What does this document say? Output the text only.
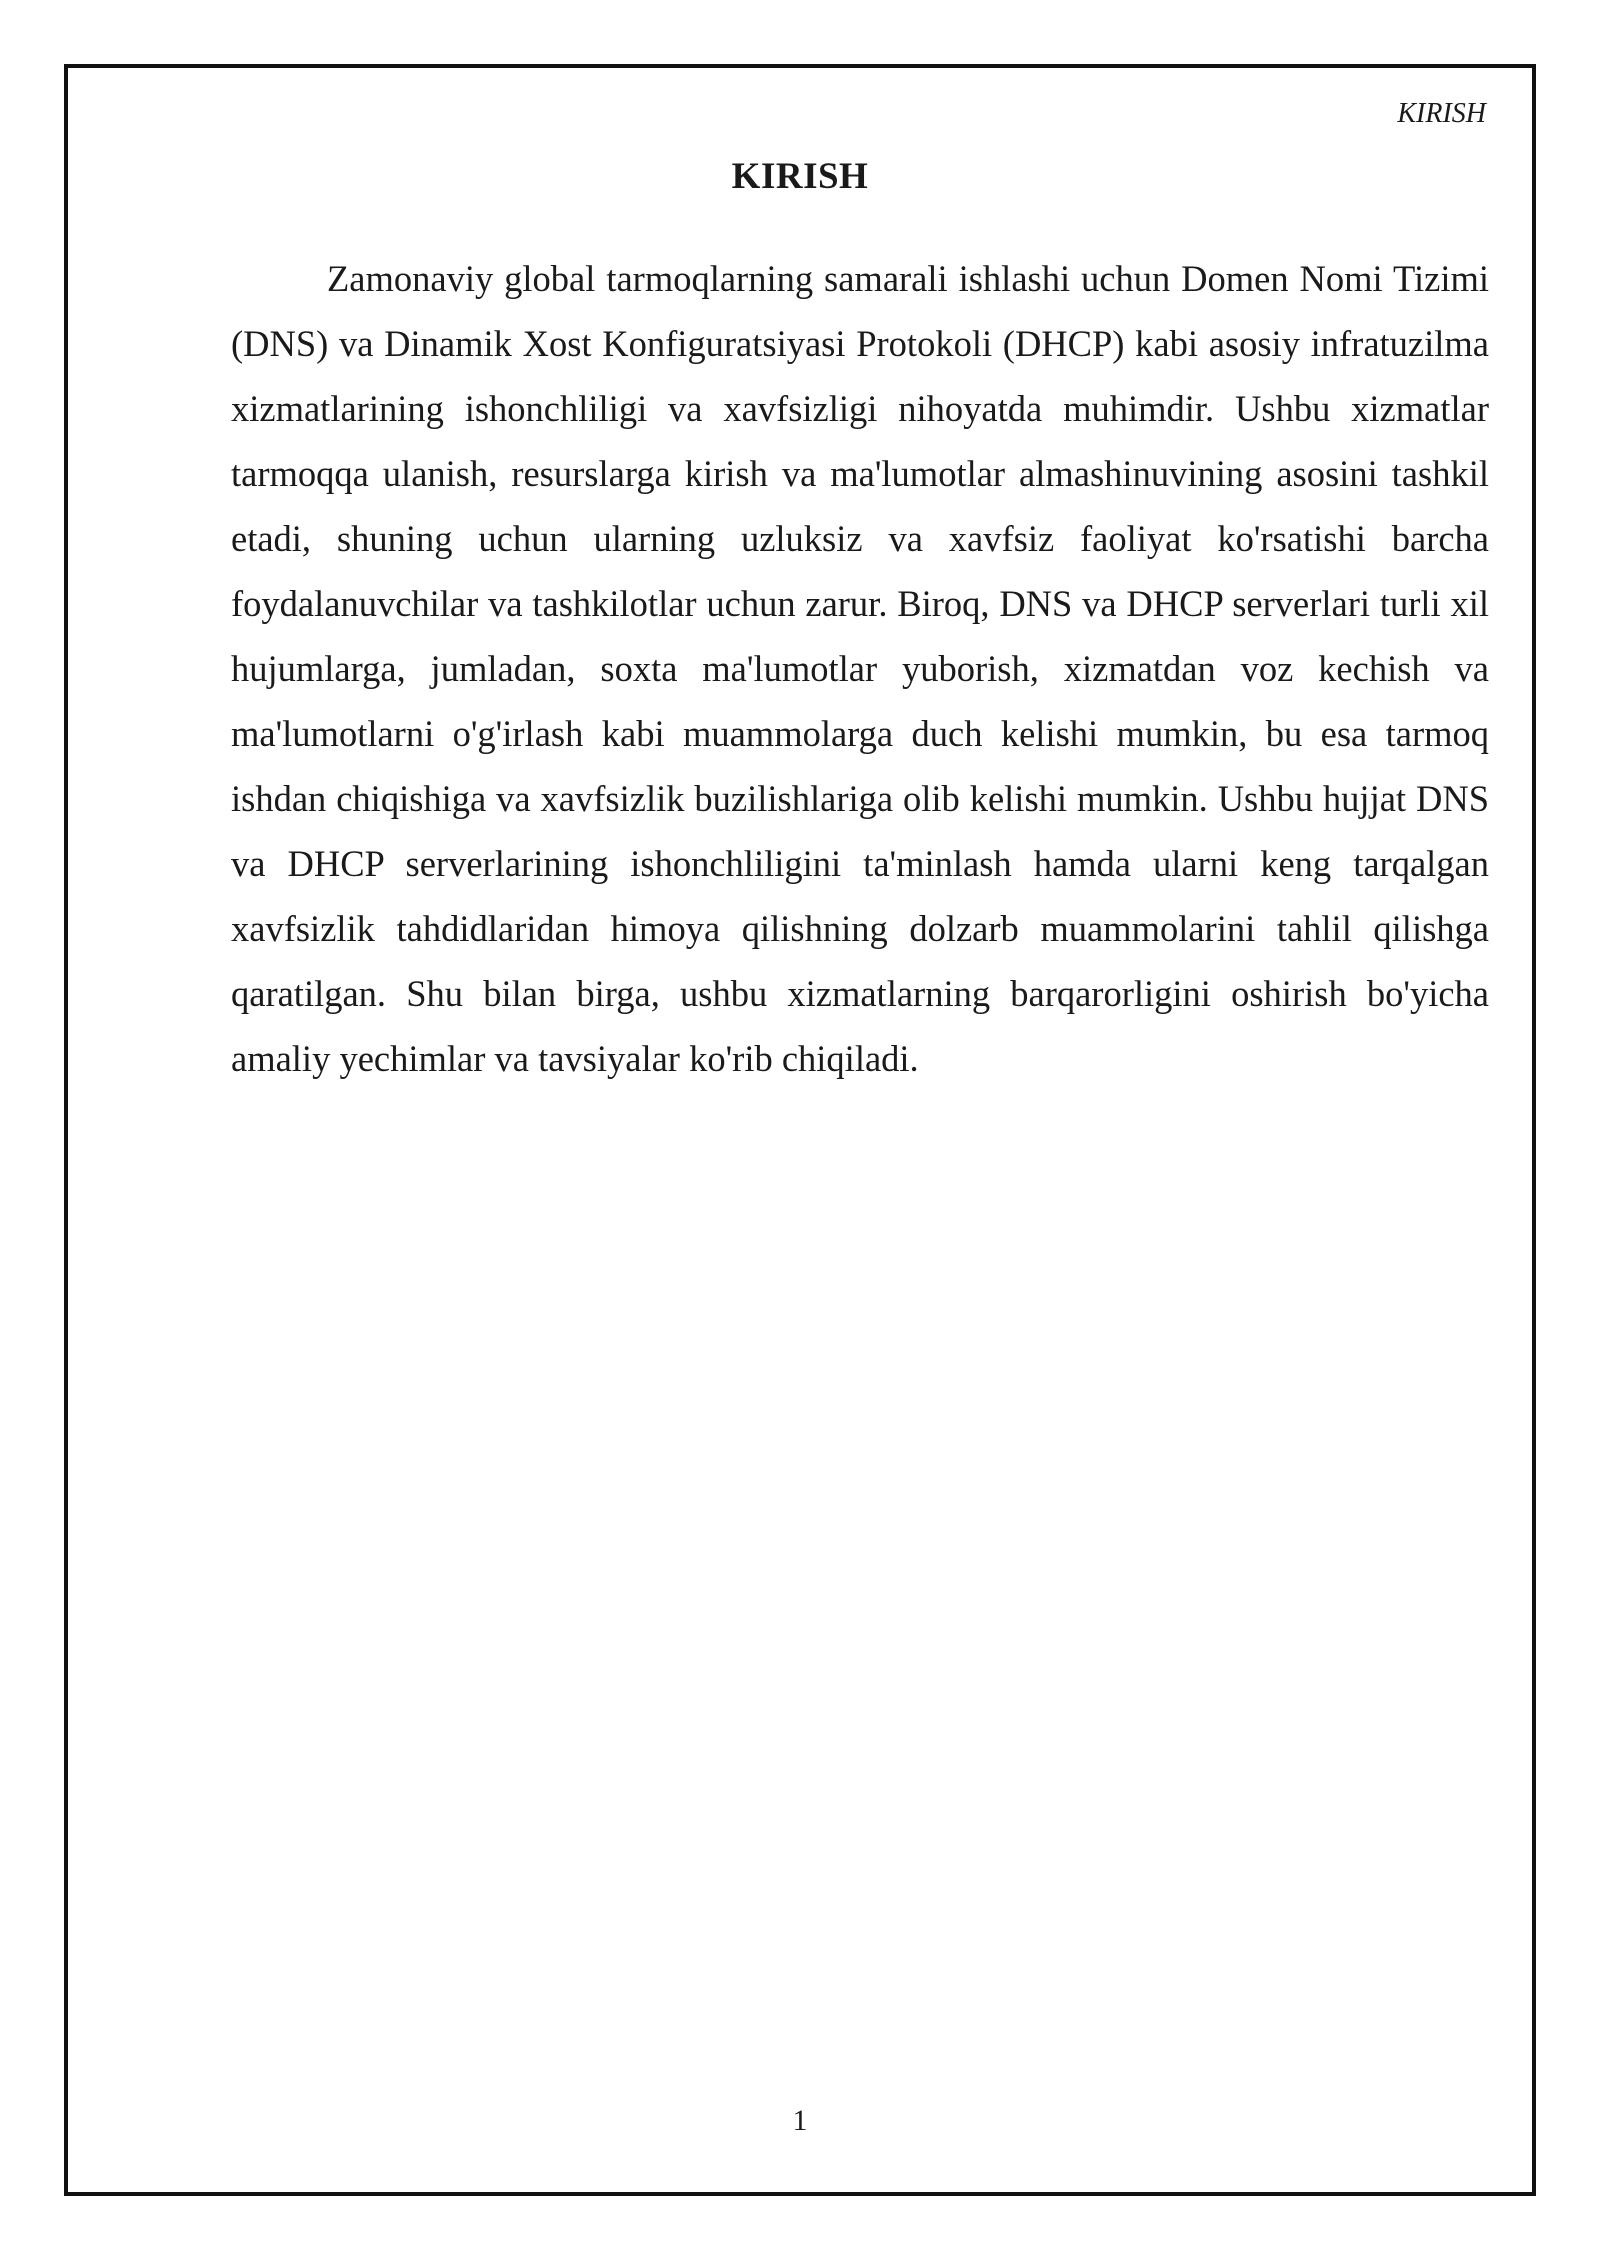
KIRISH
KIRISH

Zamonaviy global tarmoqlarning samarali ishlashi uchun Domen Nomi Tizimi (DNS) va Dinamik Xost Konfiguratsiyasi Protokoli (DHCP) kabi asosiy infratuzilma xizmatlarining ishonchliligi va xavfsizligi nihoyatda muhimdir. Ushbu xizmatlar tarmoqqa ulanish, resurslarga kirish va ma'lumotlar almashinuvining asosini tashkil etadi, shuning uchun ularning uzluksiz va xavfsiz faoliyat ko'rsatishi barcha foydalanuvchilar va tashkilotlar uchun zarur. Biroq, DNS va DHCP serverlari turli xil hujumlarga, jumladan, soxta ma'lumotlar yuborish, xizmatdan voz kechish va ma'lumotlarni o'g'irlash kabi muammolarga duch kelishi mumkin, bu esa tarmoq ishdan chiqishiga va xavfsizlik buzilishlariga olib kelishi mumkin. Ushbu hujjat DNS va DHCP serverlarining ishonchliligini ta'minlash hamda ularni keng tarqalgan xavfsizlik tahdidlaridan himoya qilishning dolzarb muammolarini tahlil qilishga qaratilgan. Shu bilan birga, ushbu xizmatlarning barqarorligini oshirish bo'yicha amaliy yechimlar va tavsiyalar ko'rib chiqiladi.

1
